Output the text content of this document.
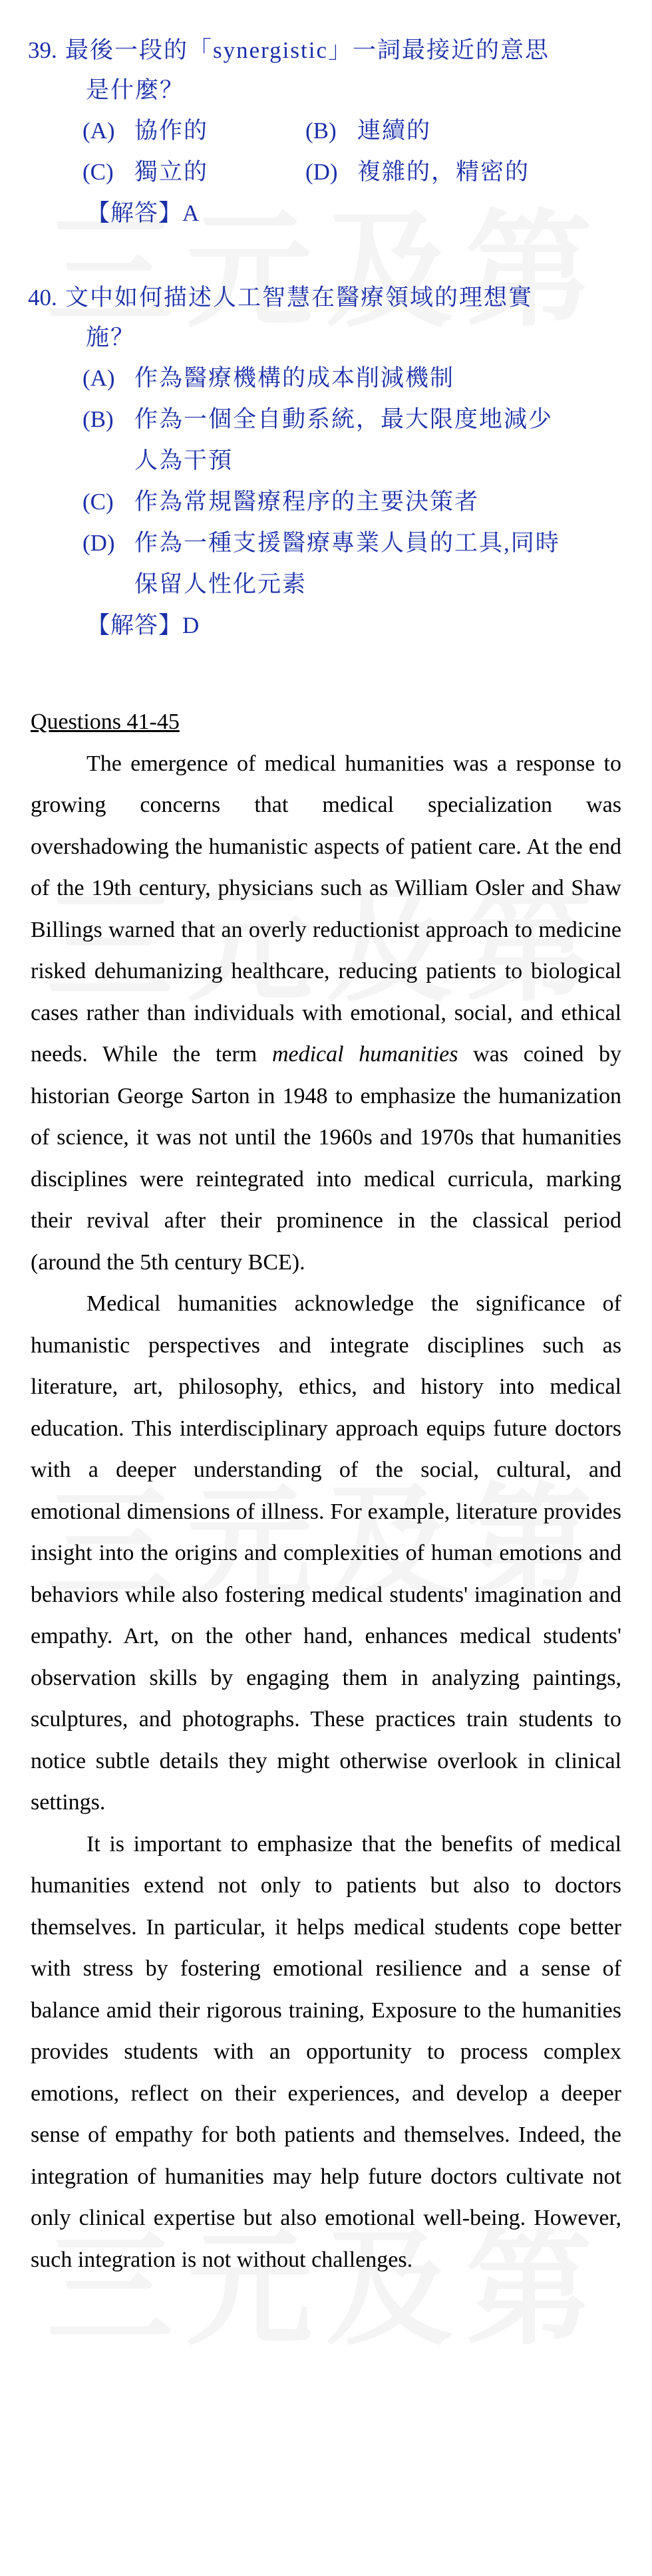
39. 最後一段的「synergistic」一詞最接近的意思
是什麼？
(A) 協作的	(B) 連續的
(C) 獨立的	(D) 複雜的，精密的
【解答】A
40. 文中如何描述人工智慧在醫療領域的理想實
施？
(A) 作為醫療機構的成本削減機制
(B) 作為一個全自動系統，最大限度地減少
人為干預
(C) 作為常規醫療程序的主要決策者
(D) 作為一種支援醫療專業人員的工具,同時
保留人性化元素
【解答】D
Questions 41-45

The emergence of medical humanities was a response to growing concerns that medical specialization was overshadowing the humanistic aspects of patient care. At the end of the 19th century, physicians such as William Osler and Shaw Billings warned that an overly reductionist approach to medicine risked dehumanizing healthcare, reducing patients to biological cases rather than individuals with emotional, social, and ethical needs. While the term medical humanities was coined by historian George Sarton in 1948 to emphasize the humanization of science, it was not until the 1960s and 1970s that humanities disciplines were reintegrated into medical curricula, marking their revival after their prominence in the classical period (around the 5th century BCE).

Medical humanities acknowledge the significance of humanistic perspectives and integrate disciplines such as literature, art, philosophy, ethics, and history into medical education. This interdisciplinary approach equips future doctors with a deeper understanding of the social, cultural, and emotional dimensions of illness. For example, literature provides insight into the origins and complexities of human emotions and behaviors while also fostering medical students' imagination and empathy. Art, on the other hand, enhances medical students' observation skills by engaging them in analyzing paintings, sculptures, and photographs. These practices train students to notice subtle details they might otherwise overlook in clinical settings.

It is important to emphasize that the benefits of medical humanities extend not only to patients but also to doctors themselves. In particular, it helps medical students cope better with stress by fostering emotional resilience and a sense of balance amid their rigorous training, Exposure to the humanities provides students with an opportunity to process complex emotions, reflect on their experiences, and develop a deeper sense of empathy for both patients and themselves. Indeed, the integration of humanities may help future doctors cultivate not only clinical expertise but also emotional well-being. However, such integration is not without challenges.
